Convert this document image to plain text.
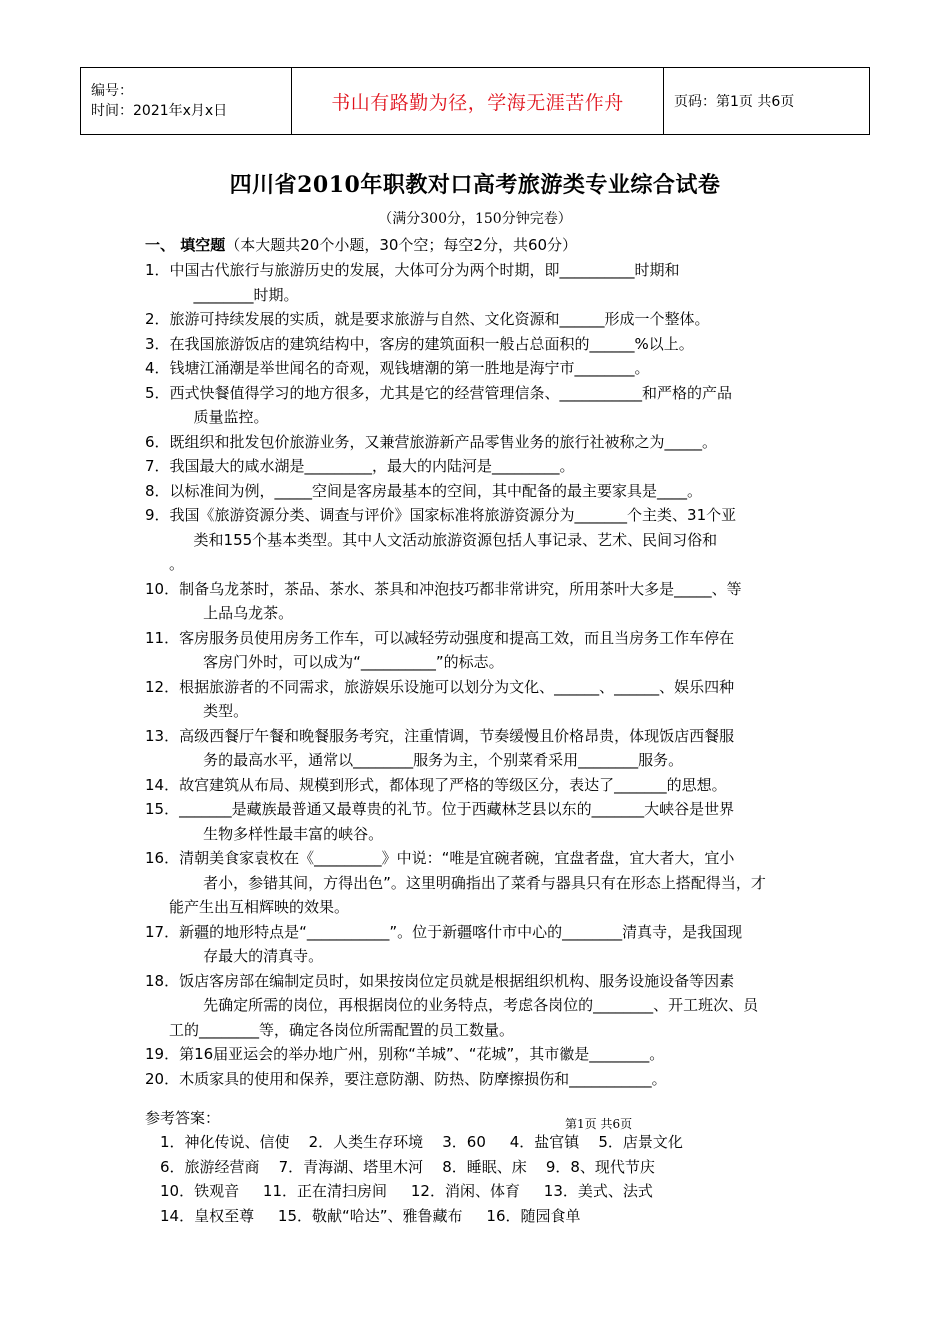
编号：
时间：2021年x月x日	书山有路勤为径，学海无涯苦作舟	页码：第1页 共6页
四川省2010年职教对口高考旅游类专业综合试卷
（满分300分，150分钟完卷）
一、 填空题（本大题共20个小题，30个空；每空2分，共60分）
1． 中国古代旅行与旅游历史的发展，大体可分为两个时期，即__________时期和
________时期。
2． 旅游可持续发展的实质，就是要求旅游与自然、文化资源和______形成一个整体。
3． 在我国旅游饭店的建筑结构中，客房的建筑面积一般占总面积的______%以上。
4． 钱塘江涌潮是举世闻名的奇观，观钱塘潮的第一胜地是海宁市________。
5． 西式快餐值得学习的地方很多，尤其是它的经营管理信条、___________和严格的产品
质量监控。
6． 既组织和批发包价旅游业务，又兼营旅游新产品零售业务的旅行社被称之为_____。
7． 我国最大的咸水湖是_________，最大的内陆河是_________。
8． 以标准间为例，_____空间是客房最基本的空间，其中配备的最主要家具是____。
9． 我国《旅游资源分类、调查与评价》国家标准将旅游资源分为_______个主类、31个亚
类和155个基本类型。其中人文活动旅游资源包括人事记录、艺术、民间习俗和
。
10． 制备乌龙茶时，茶品、茶水、茶具和冲泡技巧都非常讲究，所用茶叶大多是_____、等
上品乌龙茶。
11． 客房服务员使用房务工作车，可以减轻劳动强度和提高工效，而且当房务工作车停在
客房门外时，可以成为“__________”的标志。
12． 根据旅游者的不同需求，旅游娱乐设施可以划分为文化、______、______、娱乐四种
类型。
13． 高级西餐厅午餐和晚餐服务考究，注重情调，节奏缓慢且价格昂贵，体现饭店西餐服
务的最高水平，通常以________服务为主，个别菜肴采用________服务。
14． 故宫建筑从布局、规模到形式，都体现了严格的等级区分，表达了_______的思想。
15． _______是藏族最普通又最尊贵的礼节。位于西藏林芝县以东的_______大峡谷是世界
生物多样性最丰富的峡谷。
16． 清朝美食家袁枚在《_________》中说：“唯是宜碗者碗，宜盘者盘，宜大者大，宜小
者小，参错其间，方得出色”。这里明确指出了菜肴与器具只有在形态上搭配得当，才
能产生出互相辉映的效果。
17． 新疆的地形特点是“___________”。位于新疆喀什市中心的________清真寺，是我国现
存最大的清真寺。
18． 饭店客房部在编制定员时，如果按岗位定员就是根据组织机构、服务设施设备等因素
先确定所需的岗位，再根据岗位的业务特点，考虑各岗位的________、开工班次、员
工的________等，确定各岗位所需配置的员工数量。
19． 第16届亚运会的举办地广州，别称“羊城”、“花城”，其市徽是________。
20． 木质家具的使用和保养，要注意防潮、防热、防摩擦损伤和___________。
参考答案：	第1页 共6页
1．神化传说、信使    2．人类生存环境    3．60     4．盐官镇    5．店景文化
6．旅游经营商    7．青海湖、塔里木河    8．睡眠、床    9．8、现代节庆
10．铁观音     11．正在清扫房间     12．消闲、体育     13．美式、法式
14．皇权至尊     15．敬献“哈达”、雅鲁藏布     16．随园食单
